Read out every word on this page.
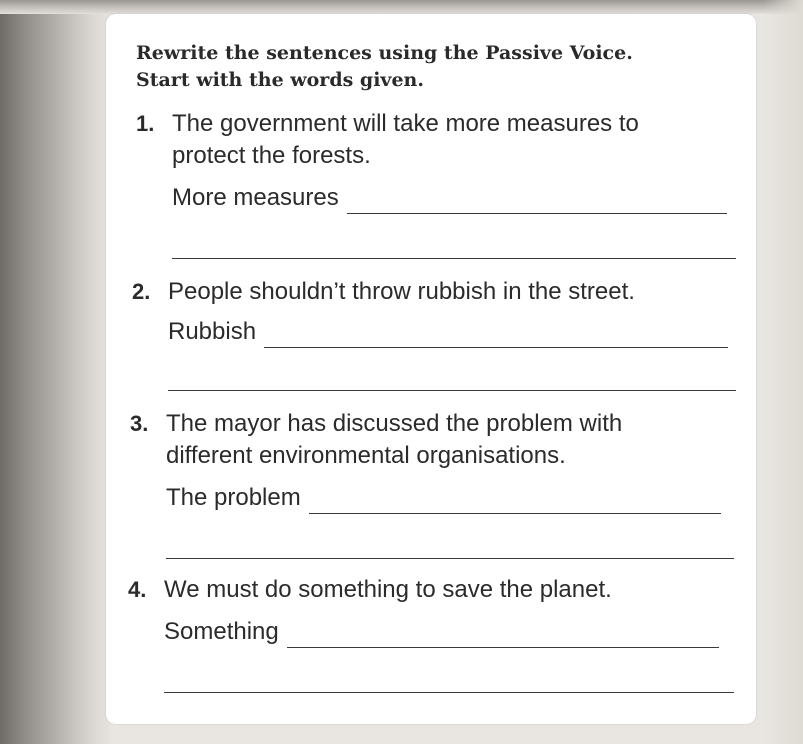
Rewrite the sentences using the Passive Voice.
Start with the words given.
1. The government will take more measures to
protect the forests.
More measures
2. People shouldn’t throw rubbish in the street.
Rubbish
3. The mayor has discussed the problem with
different environmental organisations.
The problem
4. We must do something to save the planet.
Something
